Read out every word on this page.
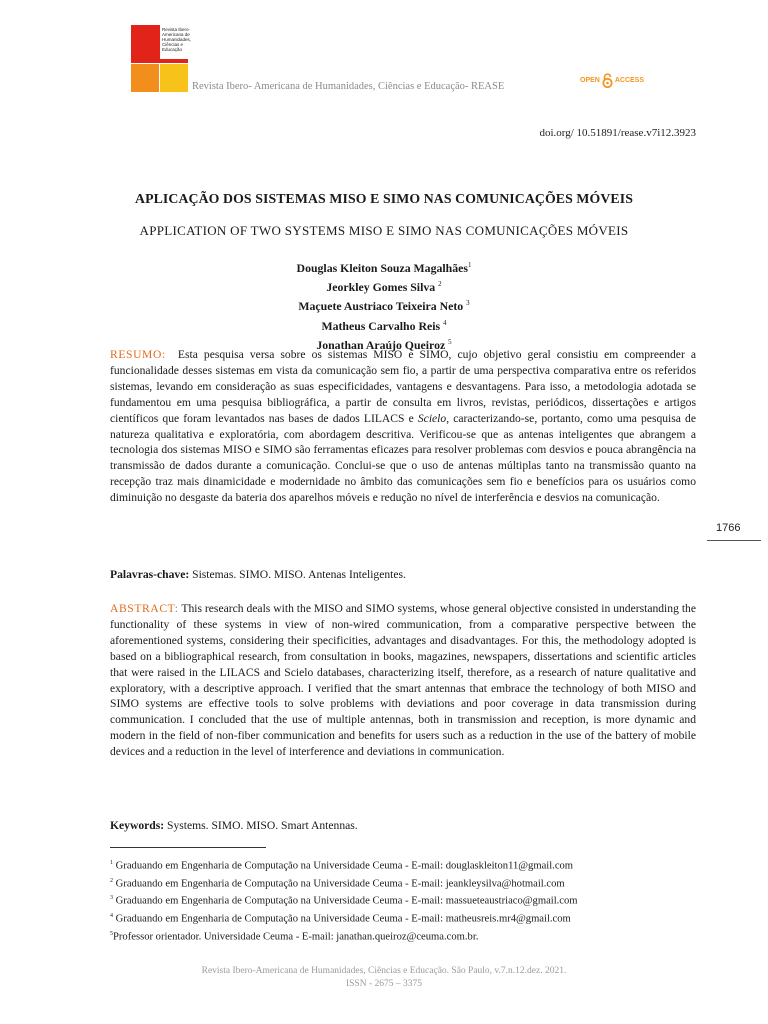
Revista Ibero-Americana de Humanidades, Ciências e Educação
Revista Ibero- Americana de Humanidades, Ciências e Educação- REASE
OPEN ACCESS
doi.org/ 10.51891/rease.v7i12.3923
APLICAÇÃO DOS SISTEMAS MISO E SIMO NAS COMUNICAÇÕES MÓVEIS
APPLICATION OF TWO SYSTEMS MISO E SIMO NAS COMUNICAÇÕES MÓVEIS
Douglas Kleiton Souza Magalhães$^1$
Jeorkley Gomes Silva $^2$
Maçuete Austriaco Teixeira Neto $^3$
Matheus Carvalho Reis $^4$
Jonathan Araújo Queiroz $^5$
RESUMO: Esta pesquisa versa sobre os sistemas MISO e SIMO, cujo objetivo geral consistiu em compreender a funcionalidade desses sistemas em vista da comunicação sem fio, a partir de uma perspectiva comparativa entre os referidos sistemas, levando em consideração as suas especificidades, vantagens e desvantagens. Para isso, a metodologia adotada se fundamentou em uma pesquisa bibliográfica, a partir de consulta em livros, revistas, periódicos, dissertações e artigos científicos que foram levantados nas bases de dados LILACS e Scielo, caracterizando-se, portanto, como uma pesquisa de natureza qualitativa e exploratória, com abordagem descritiva. Verificou-se que as antenas inteligentes que abrangem a tecnologia dos sistemas MISO e SIMO são ferramentas eficazes para resolver problemas com desvios e pouca abrangência na transmissão de dados durante a comunicação. Conclui-se que o uso de antenas múltiplas tanto na transmissão quanto na recepção traz mais dinamicidade e modernidade no âmbito das comunicações sem fio e benefícios para os usuários como diminuição no desgaste da bateria dos aparelhos móveis e redução no nível de interferência e desvios na comunicação.
Palavras-chave: Sistemas. SIMO. MISO. Antenas Inteligentes.
ABSTRACT: This research deals with the MISO and SIMO systems, whose general objective consisted in understanding the functionality of these systems in view of non-wired communication, from a comparative perspective between the aforementioned systems, considering their specificities, advantages and disadvantages. For this, the methodology adopted is based on a bibliographical research, from consultation in books, magazines, newspapers, dissertations and scientific articles that were raised in the LILACS and Scielo databases, characterizing itself, therefore, as a research of nature qualitative and exploratory, with a descriptive approach. I verified that the smart antennas that embrace the technology of both MISO and SIMO systems are effective tools to solve problems with deviations and poor coverage in data transmission during communication. I concluded that the use of multiple antennas, both in transmission and reception, is more dynamic and modern in the field of non-fiber communication and benefits for users such as a reduction in the use of the battery of mobile devices and a reduction in the level of interference and deviations in communication.
Keywords: Systems. SIMO. MISO. Smart Antennas.
1766
$^1$ Graduando em Engenharia de Computação na Universidade Ceuma - E-mail: douglaskleiton11@gmail.com
$^2$ Graduando em Engenharia de Computação na Universidade Ceuma - E-mail: jeankleysilva@hotmail.com
$^3$ Graduando em Engenharia de Computação na Universidade Ceuma - E-mail: massueteaustriaco@gmail.com
$^4$ Graduando em Engenharia de Computação na Universidade Ceuma - E-mail: matheusreis.mr4@gmail.com
$^5$Professor orientador. Universidade Ceuma - E-mail: janathan.queiroz@ceuma.com.br.
Revista Ibero-Americana de Humanidades, Ciências e Educação. São Paulo, v.7.n.12.dez. 2021.
ISSN - 2675 – 3375
